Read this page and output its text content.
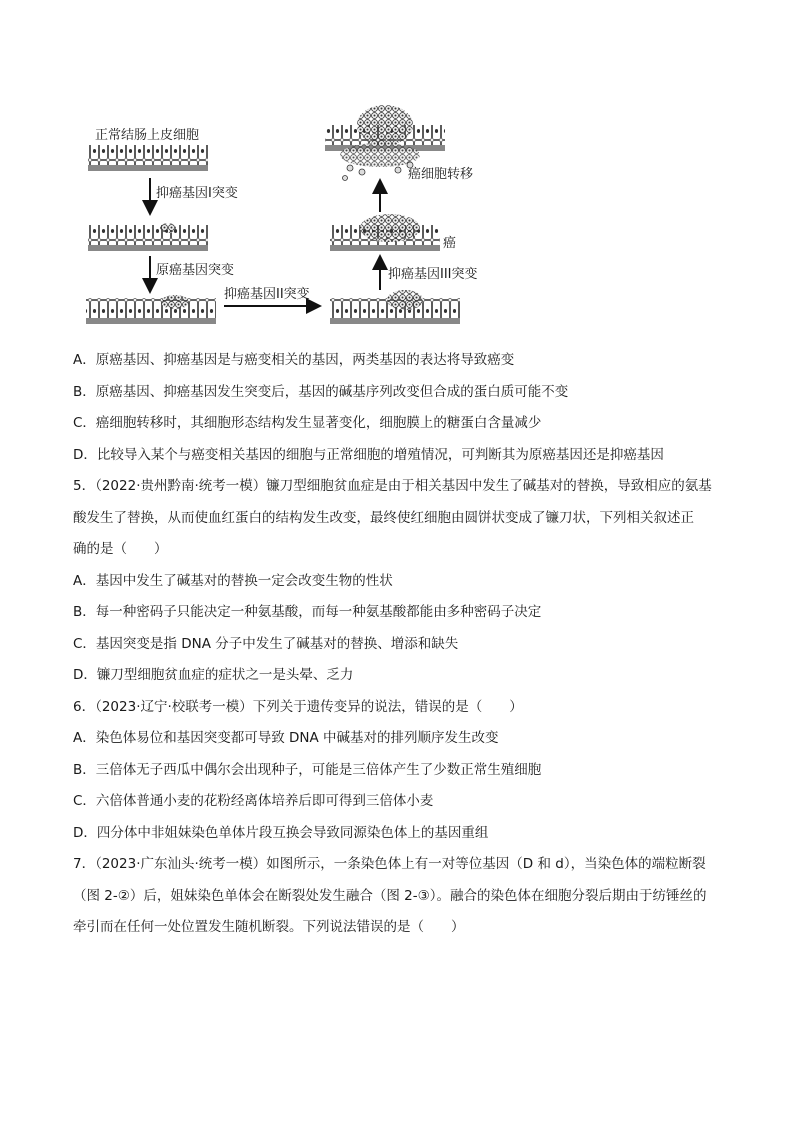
正常结肠上皮细胞
抑癌基因I突变
原癌基因突变
抑癌基因II突变
抑癌基因III突变
癌
癌细胞转移
A．原癌基因、抑癌基因是与癌变相关的基因，两类基因的表达将导致癌变
B．原癌基因、抑癌基因发生突变后，基因的碱基序列改变但合成的蛋白质可能不变
C．癌细胞转移时，其细胞形态结构发生显著变化，细胞膜上的糖蛋白含量减少
D．比较导入某个与癌变相关基因的细胞与正常细胞的增殖情况，可判断其为原癌基因还是抑癌基因
5．（2022·贵州黔南·统考一模）镰刀型细胞贫血症是由于相关基因中发生了碱基对的替换，导致相应的氨基
酸发生了替换，从而使血红蛋白的结构发生改变，最终使红细胞由圆饼状变成了镰刀状，下列相关叙述正
确的是（　　）
A．基因中发生了碱基对的替换一定会改变生物的性状
B．每一种密码子只能决定一种氨基酸，而每一种氨基酸都能由多种密码子决定
C．基因突变是指 DNA 分子中发生了碱基对的替换、增添和缺失
D．镰刀型细胞贫血症的症状之一是头晕、乏力
6．（2023·辽宁·校联考一模）下列关于遗传变异的说法，错误的是（　　）
A．染色体易位和基因突变都可导致 DNA 中碱基对的排列顺序发生改变
B．三倍体无子西瓜中偶尔会出现种子，可能是三倍体产生了少数正常生殖细胞
C．六倍体普通小麦的花粉经离体培养后即可得到三倍体小麦
D．四分体中非姐妹染色单体片段互换会导致同源染色体上的基因重组
7．（2023·广东汕头·统考一模）如图所示，一条染色体上有一对等位基因（D 和 d），当染色体的端粒断裂
（图 2-②）后，姐妹染色单体会在断裂处发生融合（图 2-③）。融合的染色体在细胞分裂后期由于纺锤丝的
牵引而在任何一处位置发生随机断裂。下列说法错误的是（　　）
